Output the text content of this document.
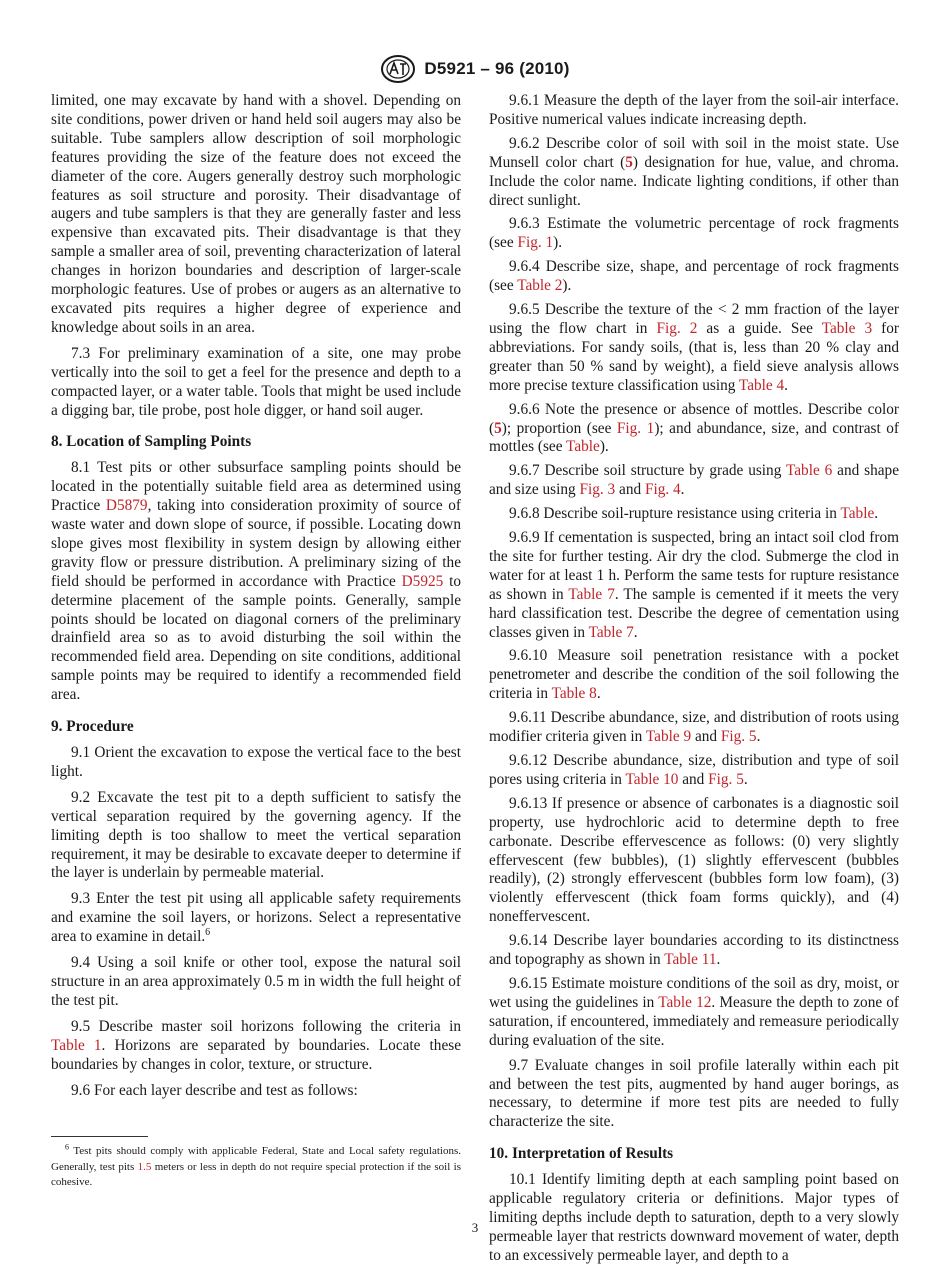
D5921 – 96 (2010)

limited, one may excavate by hand with a shovel. Depending on site conditions, power driven or hand held soil augers may also be suitable. Tube samplers allow description of soil morphologic features providing the size of the feature does not exceed the diameter of the core. Augers generally destroy such morphologic features as soil structure and porosity. Their disadvantage of augers and tube samplers is that they are generally faster and less expensive than excavated pits. Their disadvantage is that they sample a smaller area of soil, preventing characterization of lateral changes in horizon boundaries and description of larger-scale morphologic features. Use of probes or augers as an alternative to excavated pits requires a higher degree of experience and knowledge about soils in an area.

7.3 For preliminary examination of a site, one may probe vertically into the soil to get a feel for the presence and depth to a compacted layer, or a water table. Tools that might be used include a digging bar, tile probe, post hole digger, or hand soil auger.

8. Location of Sampling Points

8.1 Test pits or other subsurface sampling points should be located in the potentially suitable field area as determined using Practice D5879, taking into consideration proximity of source of waste water and down slope of source, if possible. Locating down slope gives most flexibility in system design by allowing either gravity flow or pressure distribution. A preliminary sizing of the field should be performed in accordance with Practice D5925 to determine placement of the sample points. Generally, sample points should be located on diagonal corners of the preliminary drainfield area so as to avoid disturbing the soil within the recommended field area. Depending on site conditions, additional sample points may be required to identify a recommended field area.

9. Procedure

9.1 Orient the excavation to expose the vertical face to the best light.

9.2 Excavate the test pit to a depth sufficient to satisfy the vertical separation required by the governing agency. If the limiting depth is too shallow to meet the vertical separation requirement, it may be desirable to excavate deeper to determine if the layer is underlain by permeable material.

9.3 Enter the test pit using all applicable safety requirements and examine the soil layers, or horizons. Select a representative area to examine in detail.$^6$

9.4 Using a soil knife or other tool, expose the natural soil structure in an area approximately 0.5 m in width the full height of the test pit.

9.5 Describe master soil horizons following the criteria in Table 1. Horizons are separated by boundaries. Locate these boundaries by changes in color, texture, or structure.

9.6 For each layer describe and test as follows:

$^6$ Test pits should comply with applicable Federal, State and Local safety regulations. Generally, test pits 1.5 meters or less in depth do not require special protection if the soil is cohesive.

9.6.1 Measure the depth of the layer from the soil-air interface. Positive numerical values indicate increasing depth.

9.6.2 Describe color of soil with soil in the moist state. Use Munsell color chart (5) designation for hue, value, and chroma. Include the color name. Indicate lighting conditions, if other than direct sunlight.

9.6.3 Estimate the volumetric percentage of rock fragments (see Fig. 1).

9.6.4 Describe size, shape, and percentage of rock fragments (see Table 2).

9.6.5 Describe the texture of the < 2 mm fraction of the layer using the flow chart in Fig. 2 as a guide. See Table 3 for abbreviations. For sandy soils, (that is, less than 20 % clay and greater than 50 % sand by weight), a field sieve analysis allows more precise texture classification using Table 4.

9.6.6 Note the presence or absence of mottles. Describe color (5); proportion (see Fig. 1); and abundance, size, and contrast of mottles (see Table).

9.6.7 Describe soil structure by grade using Table 6 and shape and size using Fig. 3 and Fig. 4.

9.6.8 Describe soil-rupture resistance using criteria in Table.

9.6.9 If cementation is suspected, bring an intact soil clod from the site for further testing. Air dry the clod. Submerge the clod in water for at least 1 h. Perform the same tests for rupture resistance as shown in Table 7. The sample is cemented if it meets the very hard classification test. Describe the degree of cementation using classes given in Table 7.

9.6.10 Measure soil penetration resistance with a pocket penetrometer and describe the condition of the soil following the criteria in Table 8.

9.6.11 Describe abundance, size, and distribution of roots using modifier criteria given in Table 9 and Fig. 5.

9.6.12 Describe abundance, size, distribution and type of soil pores using criteria in Table 10 and Fig. 5.

9.6.13 If presence or absence of carbonates is a diagnostic soil property, use hydrochloric acid to determine depth to free carbonate. Describe effervescence as follows: (0) very slightly effervescent (few bubbles), (1) slightly effervescent (bubbles readily), (2) strongly effervescent (bubbles form low foam), (3) violently effervescent (thick foam forms quickly), and (4) noneffervescent.

9.6.14 Describe layer boundaries according to its distinctness and topography as shown in Table 11.

9.6.15 Estimate moisture conditions of the soil as dry, moist, or wet using the guidelines in Table 12. Measure the depth to zone of saturation, if encountered, immediately and remeasure periodically during evaluation of the site.

9.7 Evaluate changes in soil profile laterally within each pit and between the test pits, augmented by hand auger borings, as necessary, to determine if more test pits are needed to fully characterize the site.

10. Interpretation of Results

10.1 Identify limiting depth at each sampling point based on applicable regulatory criteria or definitions. Major types of limiting depths include depth to saturation, depth to a very slowly permeable layer that restricts downward movement of water, depth to an excessively permeable layer, and depth to a

3
